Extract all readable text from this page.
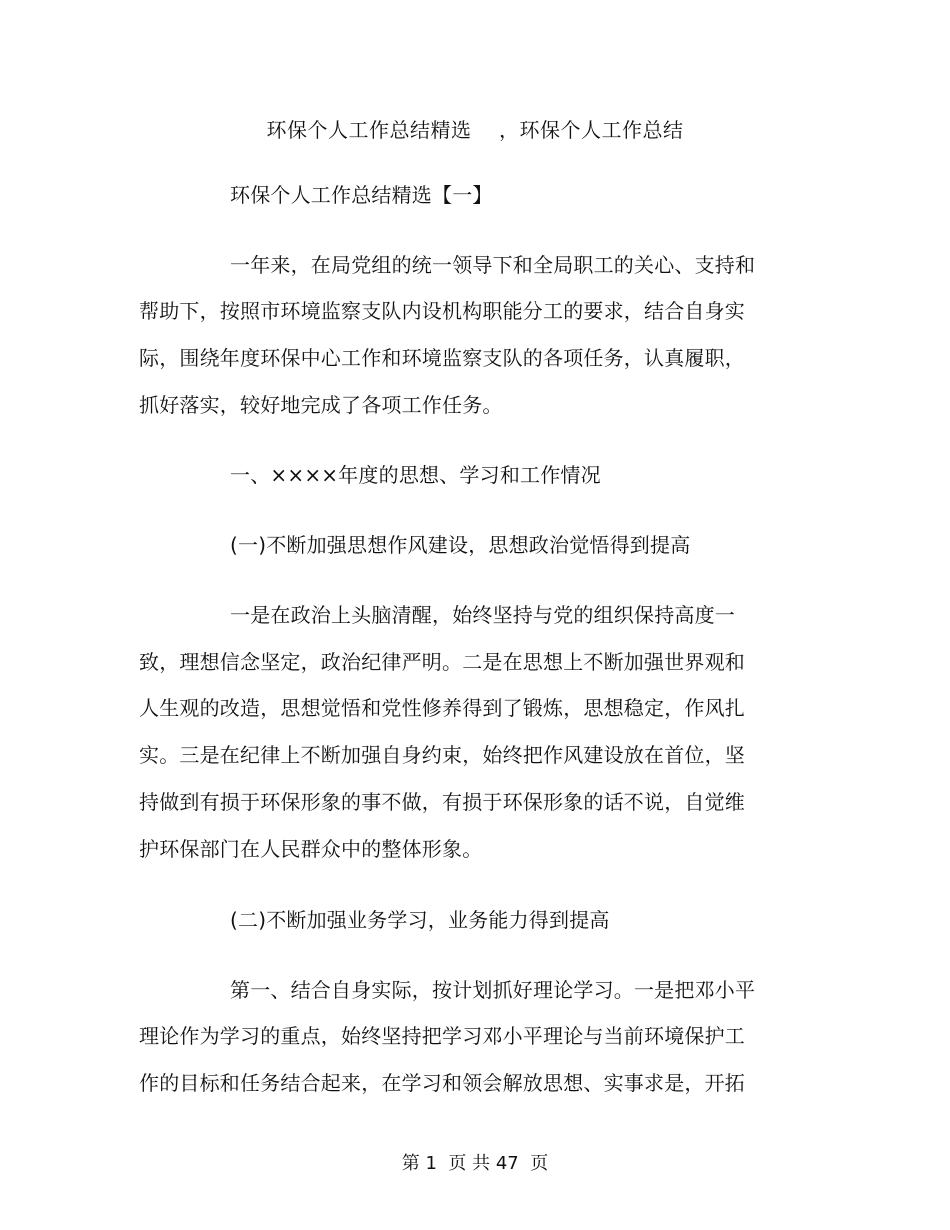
环保个人工作总结精选    ，环保个人工作总结
环保个人工作总结精选【一】
一年来，在局党组的统一领导下和全局职工的关心、支持和
帮助下，按照市环境监察支队内设机构职能分工的要求，结合自身实
际，围绕年度环保中心工作和环境监察支队的各项任务，认真履职，
抓好落实，较好地完成了各项工作任务。
一、××××年度的思想、学习和工作情况
(一)不断加强思想作风建设，思想政治觉悟得到提高
一是在政治上头脑清醒，始终坚持与党的组织保持高度一
致，理想信念坚定，政治纪律严明。二是在思想上不断加强世界观和
人生观的改造，思想觉悟和党性修养得到了锻炼，思想稳定，作风扎
实。三是在纪律上不断加强自身约束，始终把作风建设放在首位，坚
持做到有损于环保形象的事不做，有损于环保形象的话不说，自觉维
护环保部门在人民群众中的整体形象。
(二)不断加强业务学习，业务能力得到提高
第一、结合自身实际，按计划抓好理论学习。一是把邓小平
理论作为学习的重点，始终坚持把学习邓小平理论与当前环境保护工
作的目标和任务结合起来，在学习和领会解放思想、实事求是，开拓
第 1  页 共 47  页
